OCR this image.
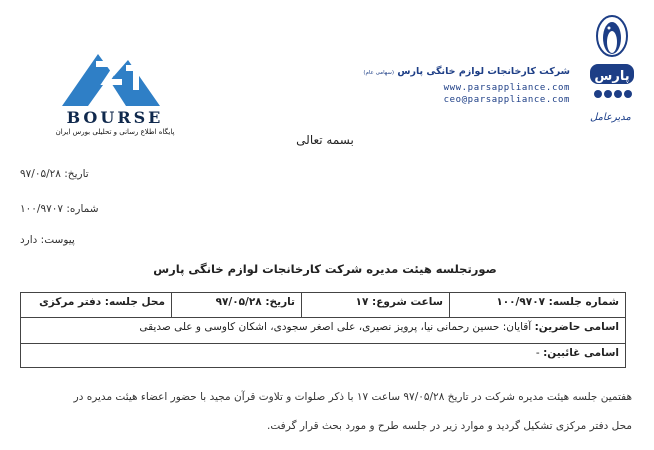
BOURSE
پایگاه اطلاع رسانی و تحلیلی بورس ایران
پارس
مدیرعامل
شرکت کارخانجات لوازم خانگی پارس (سهامی عام)
www.parsappliance.com
ceo@parsappliance.com
بسمه تعالی
تاریخ: ۹۷/۰۵/۲۸
شماره: ۱۰۰/۹۷۰۷
پیوست: دارد
صورتجلسه هیئت مدیره شرکت کارخانجات لوازم خانگی پارس
شماره جلسه: ۱۰۰/۹۷۰۷
ساعت شروع: ۱۷
تاریخ: ۹۷/۰۵/۲۸
محل جلسه: دفتر مرکزی
اسامی حاضرین: آقایان: حسین رحمانی نیا، پرویز نصیری، علی اصغر سجودی، اشکان کاوسی و علی صدیقی
اسامی غائبین: -
هفتمین جلسه هیئت مدیره شرکت در تاریخ ۹۷/۰۵/۲۸ ساعت ۱۷ با ذکر صلوات و تلاوت قرآن مجید با حضور اعضاء هیئت مدیره در
محل دفتر مرکزی تشکیل گردید و موارد زیر در جلسه طرح و مورد بحث قرار گرفت.
